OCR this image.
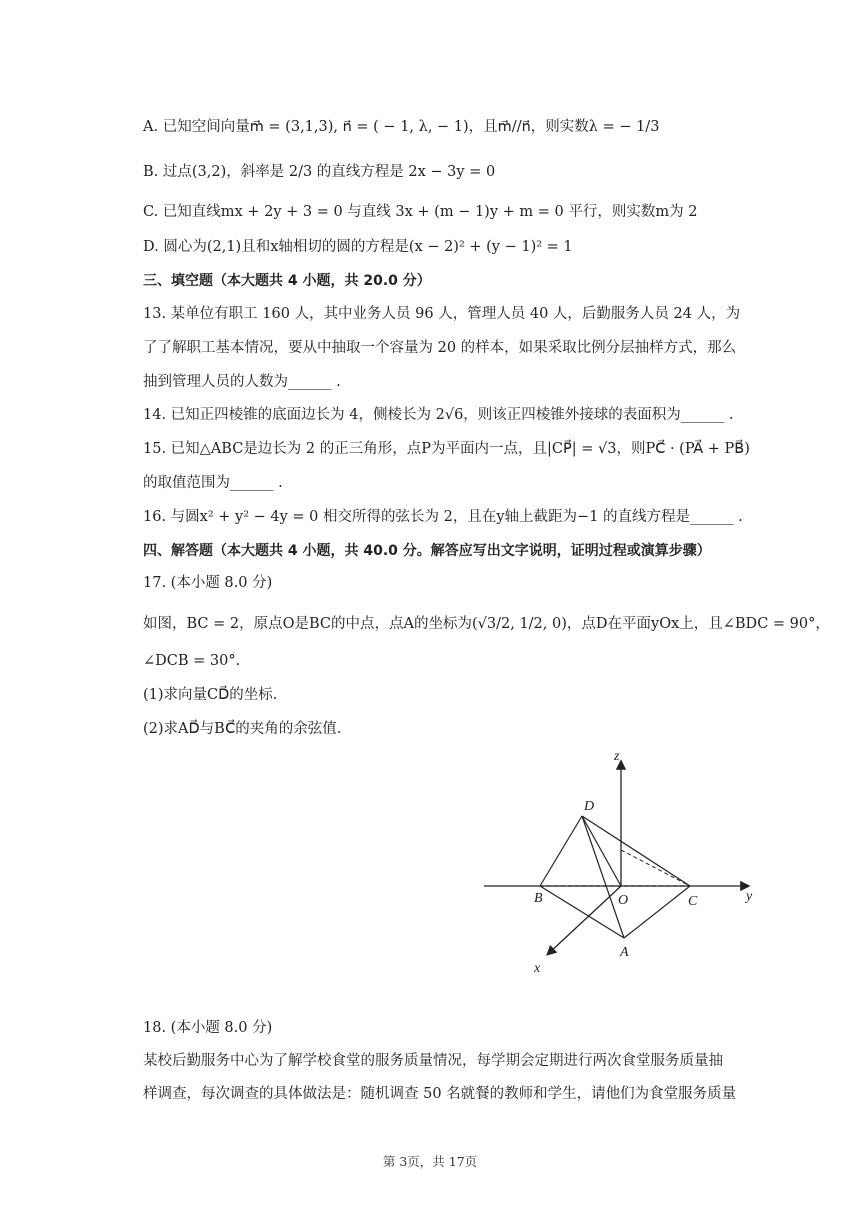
A. 已知空间向量m⃗ = (3,1,3), n⃗ = ( − 1, λ, − 1)，且m⃗//n⃗，则实数λ = − 1/3
B. 过点(3,2)，斜率是 2/3 的直线方程是 2x − 3y = 0
C. 已知直线mx + 2y + 3 = 0 与直线 3x + (m − 1)y + m = 0 平行，则实数m为 2
D. 圆心为(2,1)且和x轴相切的圆的方程是(x − 2)² + (y − 1)² = 1
三、填空题（本大题共 4 小题，共 20.0 分）
13. 某单位有职工 160 人，其中业务人员 96 人，管理人员 40 人，后勤服务人员 24 人，为
了了解职工基本情况，要从中抽取一个容量为 20 的样本，如果采取比例分层抽样方式，那么
抽到管理人员的人数为______ .
14. 已知正四棱锥的底面边长为 4，侧棱长为 2√6，则该正四棱锥外接球的表面积为______ .
15. 已知△ABC是边长为 2 的正三角形，点P为平面内一点，且|CP⃗| = √3，则PC⃗ · (PA⃗ + PB⃗)
的取值范围为______ .
16. 与圆x² + y² − 4y = 0 相交所得的弦长为 2，且在y轴上截距为−1 的直线方程是______ .
四、解答题（本大题共 4 小题，共 40.0 分。解答应写出文字说明，证明过程或演算步骤）
17. (本小题 8.0 分)
如图，BC = 2，原点O是BC的中点，点A的坐标为(√3/2, 1/2, 0)，点D在平面yOx上，且∠BDC = 90°，
∠DCB = 30°.
(1)求向量CD⃗的坐标.
(2)求AD⃗与BC⃗的夹角的余弦值.
z
y
x
D
B	O	C
A
18. (本小题 8.0 分)
某校后勤服务中心为了解学校食堂的服务质量情况，每学期会定期进行两次食堂服务质量抽
样调查，每次调查的具体做法是：随机调查 50 名就餐的教师和学生，请他们为食堂服务质量
第 3页，共 17页
